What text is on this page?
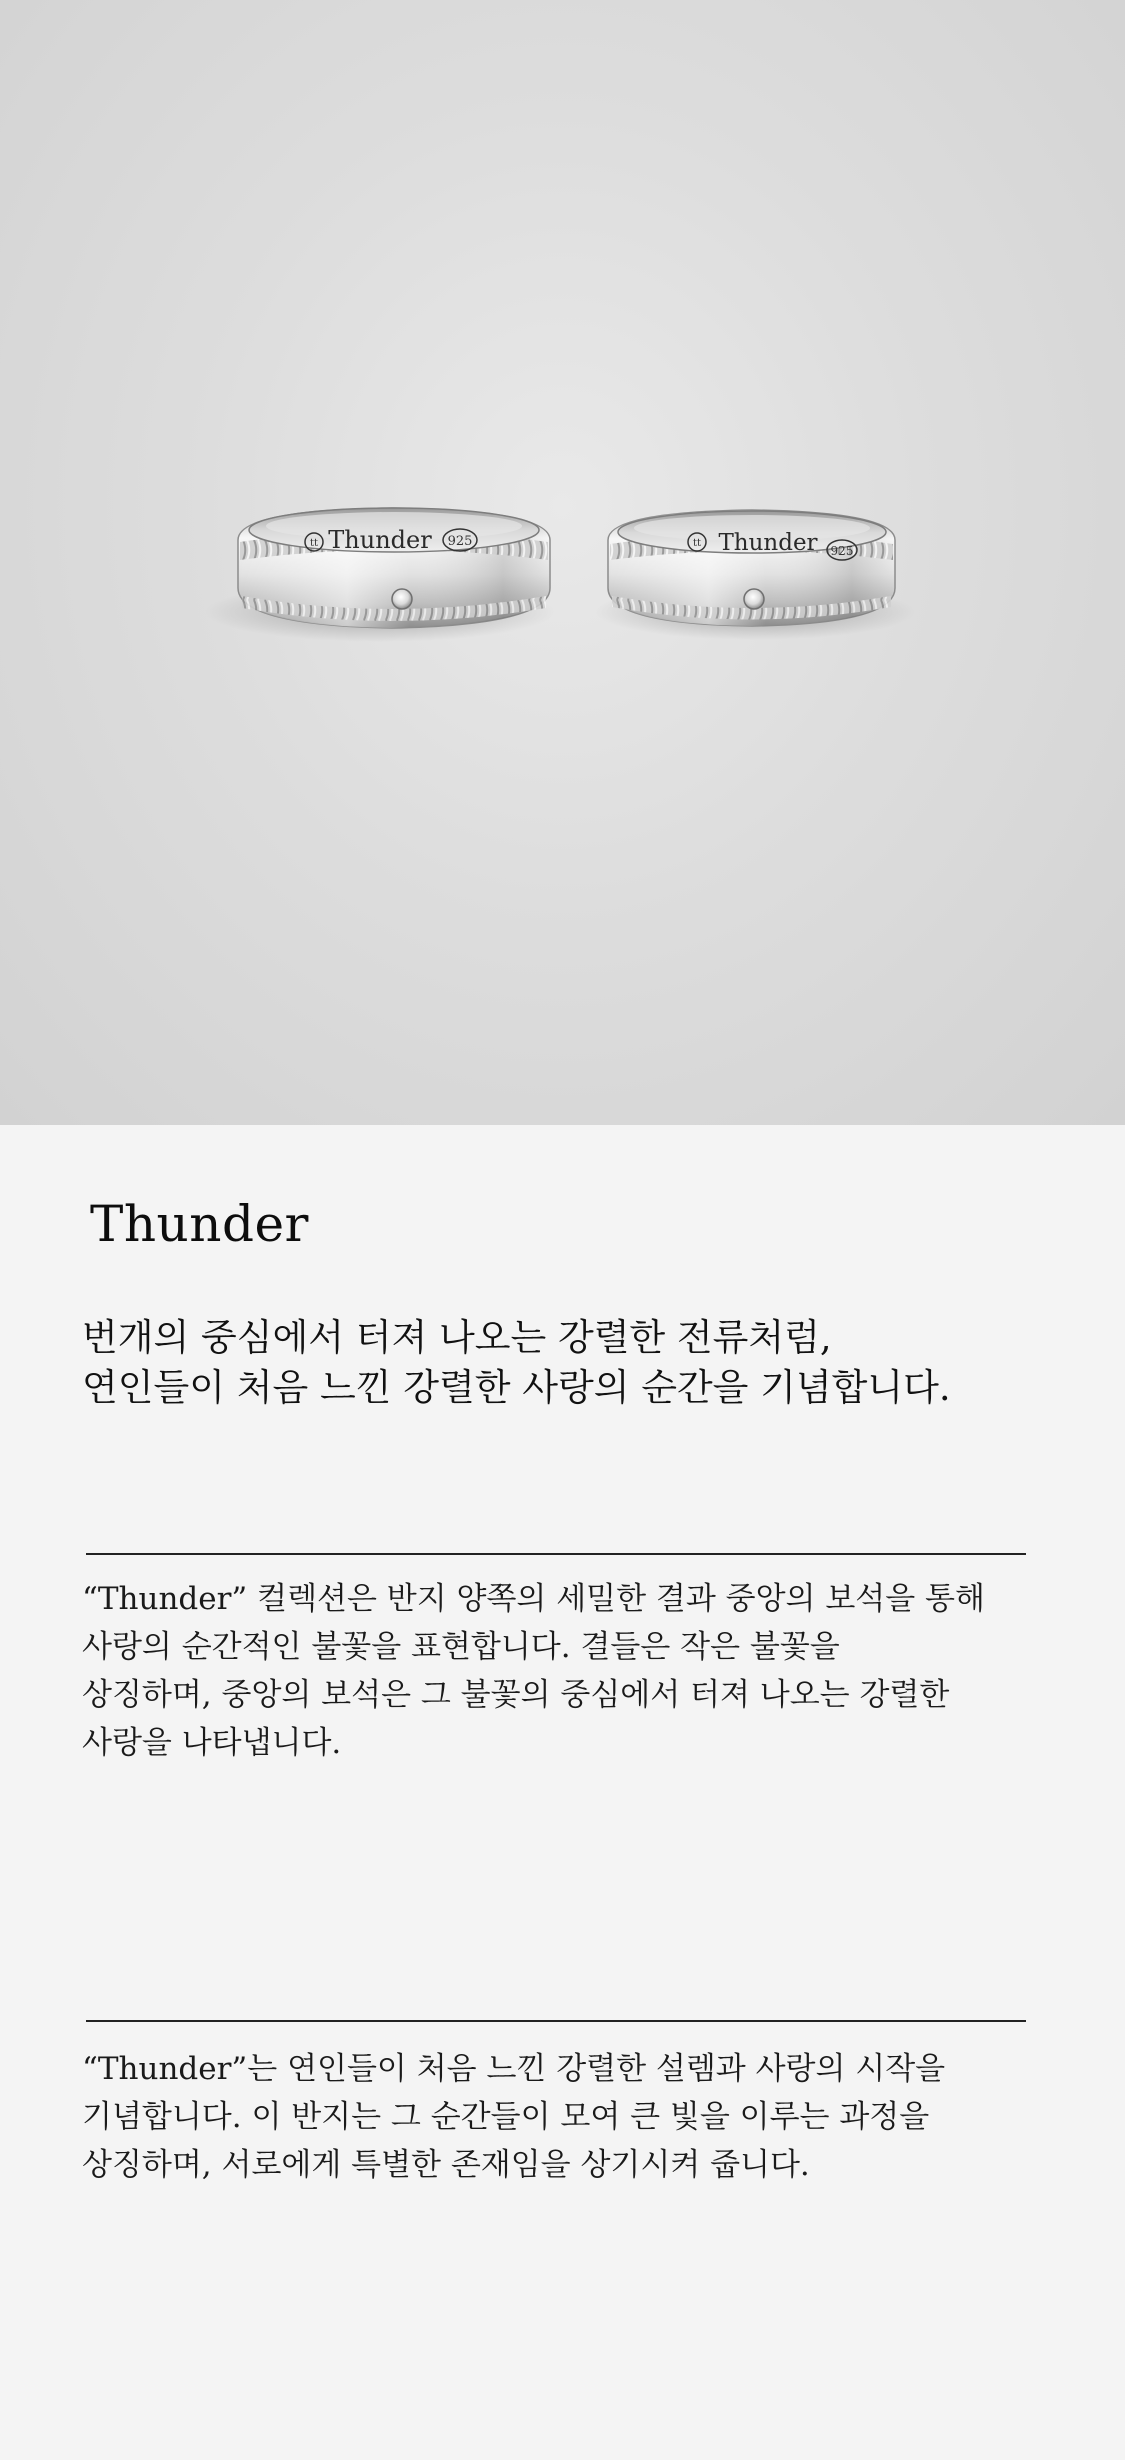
tt Thunder 925	tt Thunder 925
Thunder

번개의 중심에서 터져 나오는 강렬한 전류처럼,
연인들이 처음 느낀 강렬한 사랑의 순간을 기념합니다.

“Thunder” 컬렉션은 반지 양쪽의 세밀한 결과 중앙의 보석을 통해
사랑의 순간적인 불꽃을 표현합니다. 결들은 작은 불꽃을
상징하며, 중앙의 보석은 그 불꽃의 중심에서 터져 나오는 강렬한
사랑을 나타냅니다.

“Thunder”는 연인들이 처음 느낀 강렬한 설렘과 사랑의 시작을
기념합니다. 이 반지는 그 순간들이 모여 큰 빛을 이루는 과정을
상징하며, 서로에게 특별한 존재임을 상기시켜 줍니다.
